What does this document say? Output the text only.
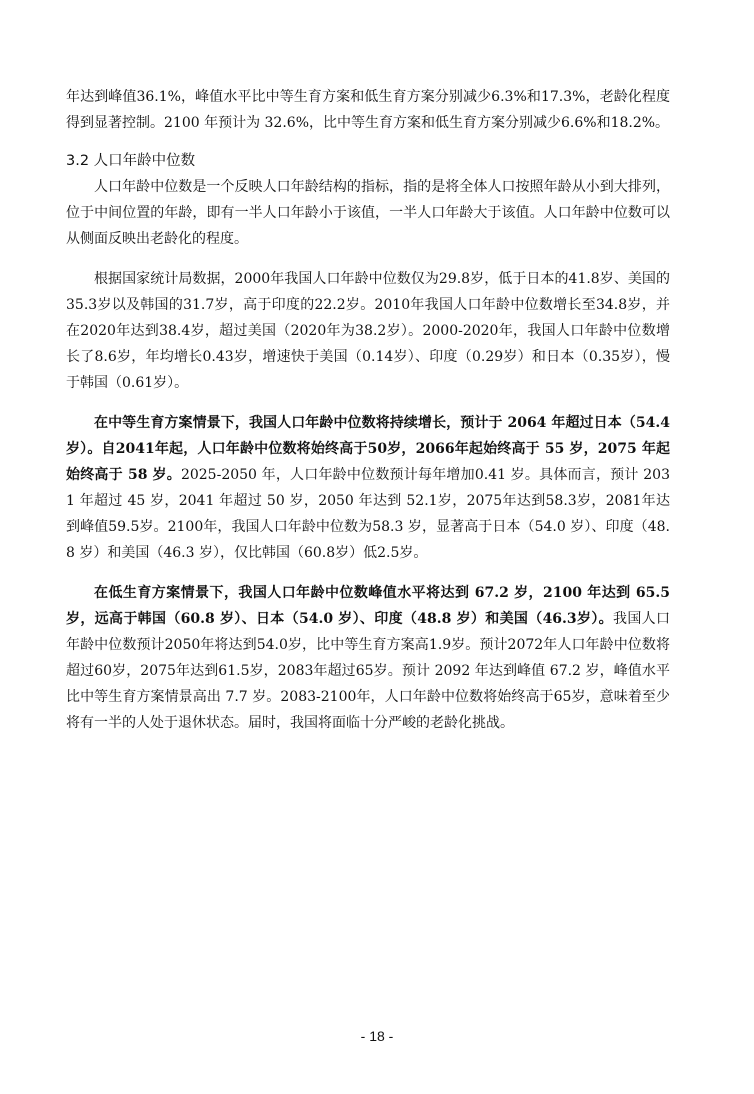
年达到峰值36.1%，峰值水平比中等生育方案和低生育方案分别减少6.3%和17.3%，老龄化程度得到显著控制。2100 年预计为 32.6%，比中等生育方案和低生育方案分别减少6.6%和18.2%。

3.2 人口年龄中位数

人口年龄中位数是一个反映人口年龄结构的指标，指的是将全体人口按照年龄从小到大排列，位于中间位置的年龄，即有一半人口年龄小于该值，一半人口年龄大于该值。人口年龄中位数可以从侧面反映出老龄化的程度。

根据国家统计局数据，2000年我国人口年龄中位数仅为29.8岁，低于日本的41.8岁、美国的35.3岁以及韩国的31.7岁，高于印度的22.2岁。2010年我国人口年龄中位数增长至34.8岁，并在2020年达到38.4岁，超过美国（2020年为38.2岁）。2000-2020年，我国人口年龄中位数增长了8.6岁，年均增长0.43岁，增速快于美国（0.14岁）、印度（0.29岁）和日本（0.35岁），慢于韩国（0.61岁）。

在中等生育方案情景下，我国人口年龄中位数将持续增长，预计于 2064 年超过日本（54.4岁）。自2041年起，人口年龄中位数将始终高于50岁，2066年起始终高于 55 岁，2075 年起始终高于 58 岁。2025-2050 年，人口年龄中位数预计每年增加0.41 岁。具体而言，预计 2031 年超过 45 岁，2041 年超过 50 岁，2050 年达到 52.1岁，2075年达到58.3岁，2081年达到峰值59.5岁。2100年，我国人口年龄中位数为58.3 岁，显著高于日本（54.0 岁）、印度（48.8 岁）和美国（46.3 岁），仅比韩国（60.8岁）低2.5岁。

在低生育方案情景下，我国人口年龄中位数峰值水平将达到 67.2 岁，2100 年达到 65.5 岁，远高于韩国（60.8 岁）、日本（54.0 岁）、印度（48.8 岁）和美国（46.3岁）。我国人口年龄中位数预计2050年将达到54.0岁，比中等生育方案高1.9岁。预计2072年人口年龄中位数将超过60岁，2075年达到61.5岁，2083年超过65岁。预计 2092 年达到峰值 67.2 岁，峰值水平比中等生育方案情景高出 7.7 岁。2083-2100年，人口年龄中位数将始终高于65岁，意味着至少将有一半的人处于退休状态。届时，我国将面临十分严峻的老龄化挑战。

- 18 -
